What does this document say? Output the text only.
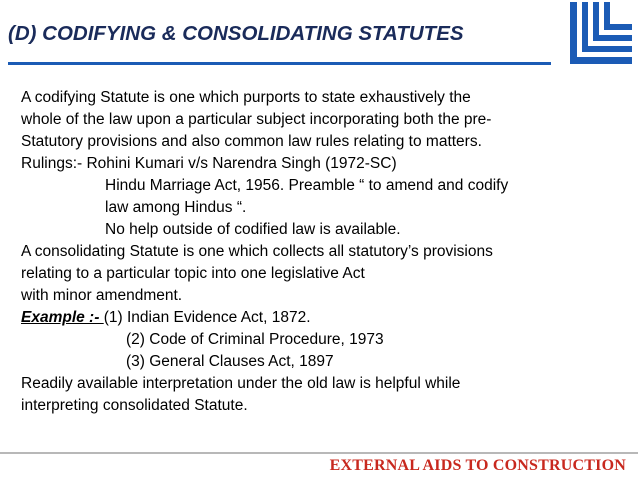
(D) CODIFYING & CONSOLIDATING STATUTES
A codifying Statute is one which purports to state exhaustively the
whole of the law upon a particular subject incorporating both the pre-
Statutory provisions and also common law rules relating to matters.
Rulings:- Rohini Kumari v/s Narendra Singh (1972-SC)
Hindu Marriage Act, 1956. Preamble “ to amend and codify
law among Hindus “.
No help outside of codified law is available.
A consolidating Statute is one which collects all statutory’s provisions
relating to a particular topic into one legislative Act
with minor amendment.
Example :- (1) Indian Evidence Act, 1872.
(2) Code of Criminal Procedure, 1973
(3) General Clauses Act, 1897
Readily available interpretation under the old law is helpful while
interpreting consolidated Statute.
EXTERNAL AIDS TO CONSTRUCTION
